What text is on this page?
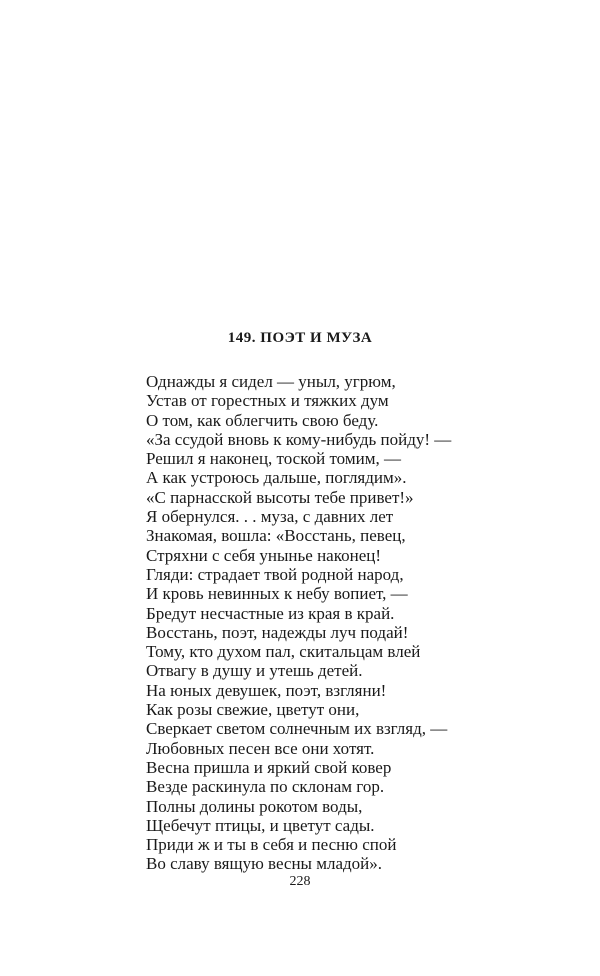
149. ПОЭТ И МУЗА
Однажды я сидел — уныл, угрюм,
Устав от горестных и тяжких дум
О том, как облегчить свою беду.
«За ссудой вновь к кому-нибудь пойду! —
Решил я наконец, тоской томим, —
А как устроюсь дальше, поглядим».
«С парнасской высоты тебе привет!»
Я обернулся. . . муза, с давних лет
Знакомая, вошла: «Восстань, певец,
Стряхни с себя унынье наконец!
Гляди: страдает твой родной народ,
И кровь невинных к небу вопиет, —
Бредут несчастные из края в край.
Восстань, поэт, надежды луч подай!
Тому, кто духом пал, скитальцам влей
Отвагу в душу и утешь детей.
На юных девушек, поэт, взгляни!
Как розы свежие, цветут они,
Сверкает светом солнечным их взгляд, —
Любовных песен все они хотят.
Весна пришла и яркий свой ковер
Везде раскинула по склонам гор.
Полны долины рокотом воды,
Щебечут птицы, и цветут сады.
Приди ж и ты в себя и песню спой
Во славу вящую весны младой».
228
